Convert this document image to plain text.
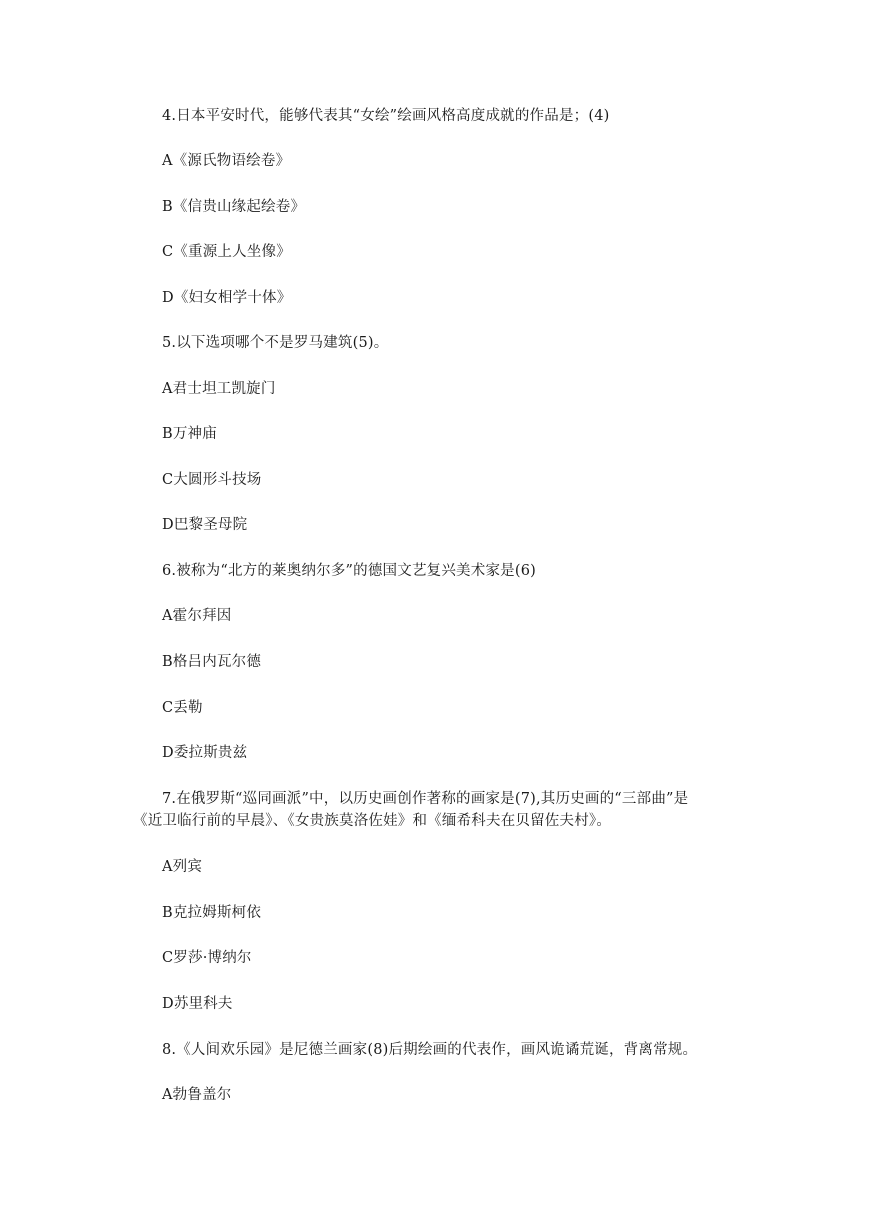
4.日本平安时代，能够代表其“女绘”绘画风格高度成就的作品是；(4)
A《源氏物语绘卷》
B《信贵山缘起绘卷》
C《重源上人坐像》
D《妇女相学十体》
5.以下选项哪个不是罗马建筑(5)。
A君士坦工凯旋门
B万神庙
C大圆形斗技场
D巴黎圣母院
6.被称为“北方的莱奥纳尔多”的德国文艺复兴美术家是(6)
A霍尔拜因
B格吕内瓦尔德
C丢勒
D委拉斯贵兹
7.在俄罗斯“巡同画派”中，以历史画创作著称的画家是(7),其历史画的“三部曲”是
《近卫临行前的早晨》、《女贵族莫洛佐娃》和《缅希科夫在贝留佐夫村》。
A列宾
B克拉姆斯柯依
C罗莎·博纳尔
D苏里科夫
8.《人间欢乐园》是尼德兰画家(8)后期绘画的代表作，画风诡谲荒诞，背离常规。
A勃鲁盖尔
